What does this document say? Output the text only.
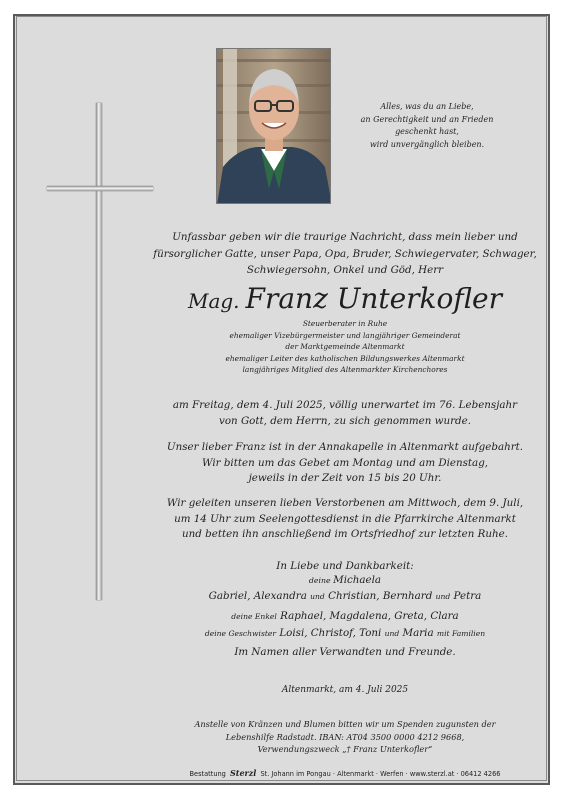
Alles, was du an Liebe,
an Gerechtigkeit und an Frieden
geschenkt hast,
wird unvergänglich bleiben.
Unfassbar geben wir die traurige Nachricht, dass mein lieber und
fürsorglicher Gatte, unser Papa, Opa, Bruder, Schwiegervater, Schwager,
Schwiegersohn, Onkel und Göd, Herr
Mag. Franz Unterkofler
Steuerberater in Ruhe
ehemaliger Vizebürgermeister und langjähriger Gemeinderat
der Marktgemeinde Altenmarkt
ehemaliger Leiter des katholischen Bildungswerkes Altenmarkt
langjähriges Mitglied des Altenmarkter Kirchenchores
am Freitag, dem 4. Juli 2025, völlig unerwartet im 76. Lebensjahr
von Gott, dem Herrn, zu sich genommen wurde.
Unser lieber Franz ist in der Annakapelle in Altenmarkt aufgebahrt.
Wir bitten um das Gebet am Montag und am Dienstag,
jeweils in der Zeit von 15 bis 20 Uhr.
Wir geleiten unseren lieben Verstorbenen am Mittwoch, dem 9. Juli,
um 14 Uhr zum Seelengottesdienst in die Pfarrkirche Altenmarkt
und betten ihn anschließend im Ortsfriedhof zur letzten Ruhe.
In Liebe und Dankbarkeit:
deine Michaela
Gabriel, Alexandra und Christian, Bernhard und Petra
deine Enkel Raphael, Magdalena, Greta, Clara
deine Geschwister Loisi, Christof, Toni und Maria mit Familien
Im Namen aller Verwandten und Freunde.
Altenmarkt, am 4. Juli 2025
Anstelle von Kränzen und Blumen bitten wir um Spenden zugunsten der
Lebenshilfe Radstadt. IBAN: AT04 3500 0000 4212 9668,
Verwendungszweck „† Franz Unterkofler“
Bestattung Sterzl St. Johann im Pongau · Altenmarkt · Werfen · www.sterzl.at · 06412 4266
